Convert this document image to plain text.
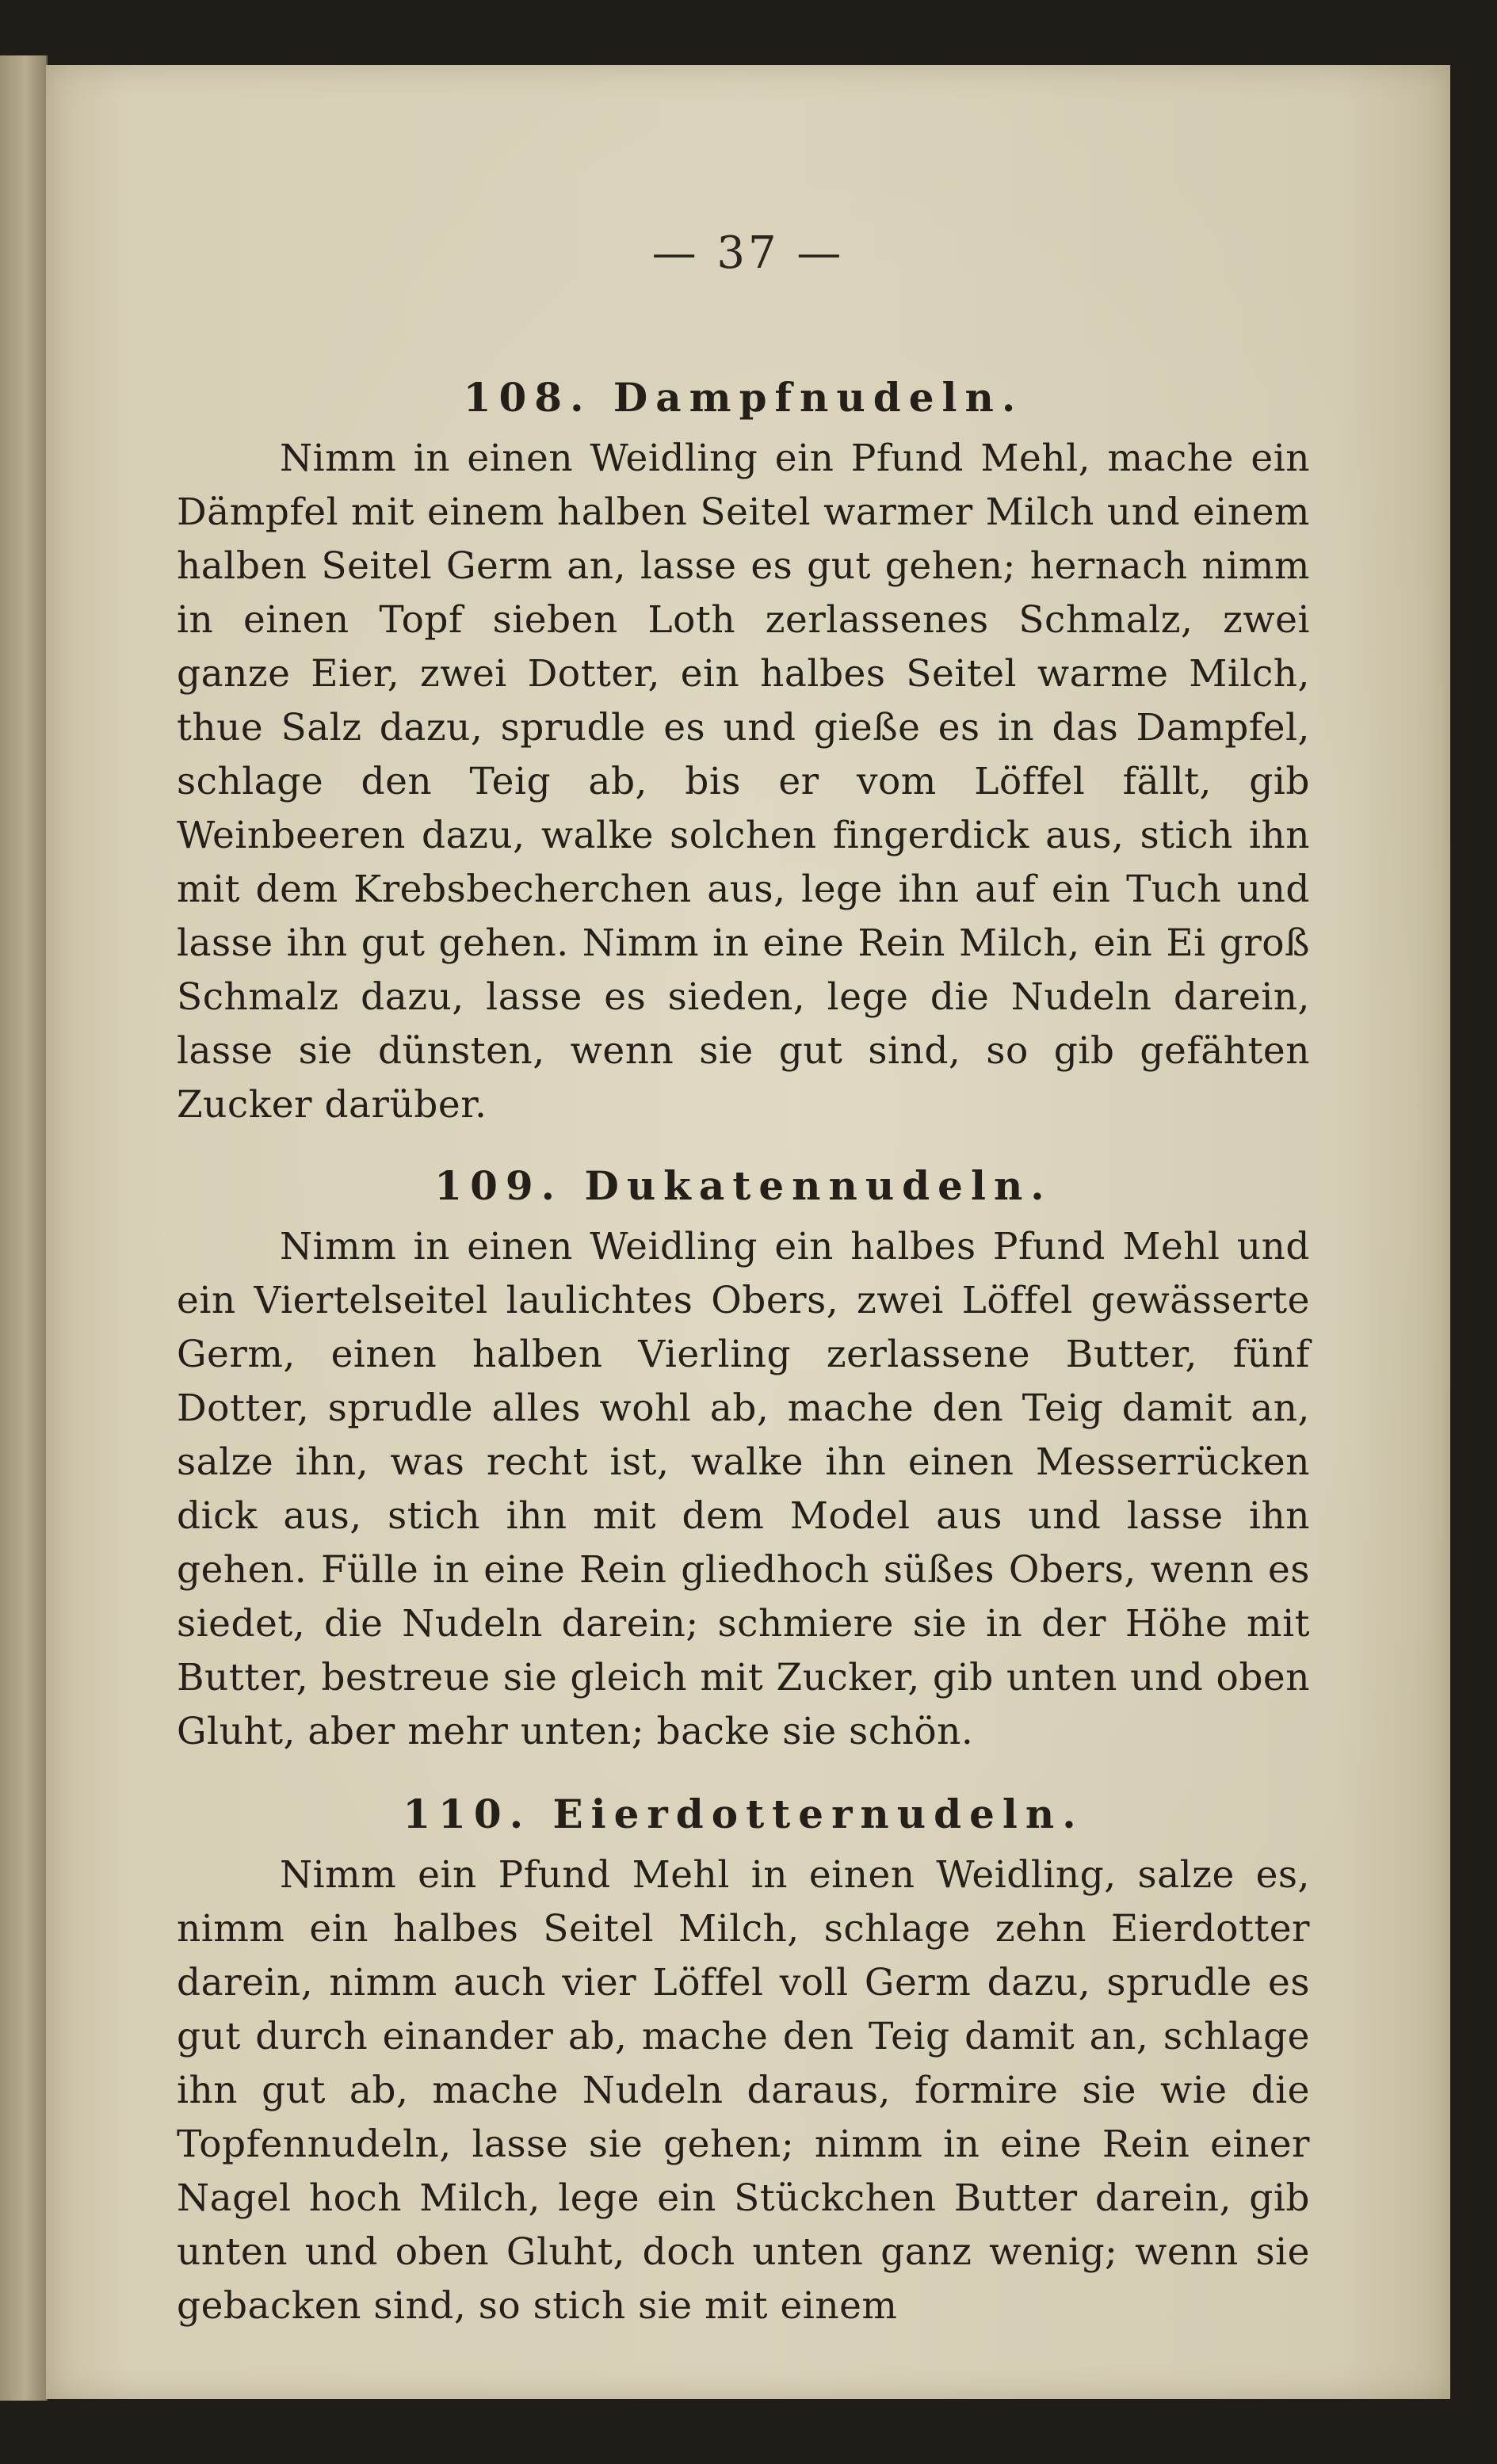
— 37 —
108. Dampfnudeln.

Nimm in einen Weidling ein Pfund Mehl, mache ein Dämpfel mit einem halben Seitel warmer Milch und einem halben Seitel Germ an, lasse es gut gehen; hernach nimm in einen Topf sieben Loth zerlassenes Schmalz, zwei ganze Eier, zwei Dotter, ein halbes Seitel warme Milch, thue Salz dazu, sprudle es und gieße es in das Dampfel, schlage den Teig ab, bis er vom Löffel fällt, gib Weinbeeren dazu, walke solchen fingerdick aus, stich ihn mit dem Krebsbecherchen aus, lege ihn auf ein Tuch und lasse ihn gut gehen. Nimm in eine Rein Milch, ein Ei groß Schmalz dazu, lasse es sieden, lege die Nudeln darein, lasse sie dünsten, wenn sie gut sind, so gib gefähten Zucker darüber.

109. Dukatennudeln.

Nimm in einen Weidling ein halbes Pfund Mehl und ein Viertelseitel laulichtes Obers, zwei Löffel gewässerte Germ, einen halben Vierling zerlassene Butter, fünf Dotter, sprudle alles wohl ab, mache den Teig damit an, salze ihn, was recht ist, walke ihn einen Messerrücken dick aus, stich ihn mit dem Model aus und lasse ihn gehen. Fülle in eine Rein gliedhoch süßes Obers, wenn es siedet, die Nudeln darein; schmiere sie in der Höhe mit Butter, bestreue sie gleich mit Zucker, gib unten und oben Gluht, aber mehr unten; backe sie schön.

110. Eierdotternudeln.

Nimm ein Pfund Mehl in einen Weidling, salze es, nimm ein halbes Seitel Milch, schlage zehn Eierdotter darein, nimm auch vier Löffel voll Germ dazu, sprudle es gut durch einander ab, mache den Teig damit an, schlage ihn gut ab, mache Nudeln daraus, formire sie wie die Topfennudeln, lasse sie gehen; nimm in eine Rein einer Nagel hoch Milch, lege ein Stückchen Butter darein, gib unten und oben Gluht, doch unten ganz wenig; wenn sie gebacken sind, so stich sie mit einem
